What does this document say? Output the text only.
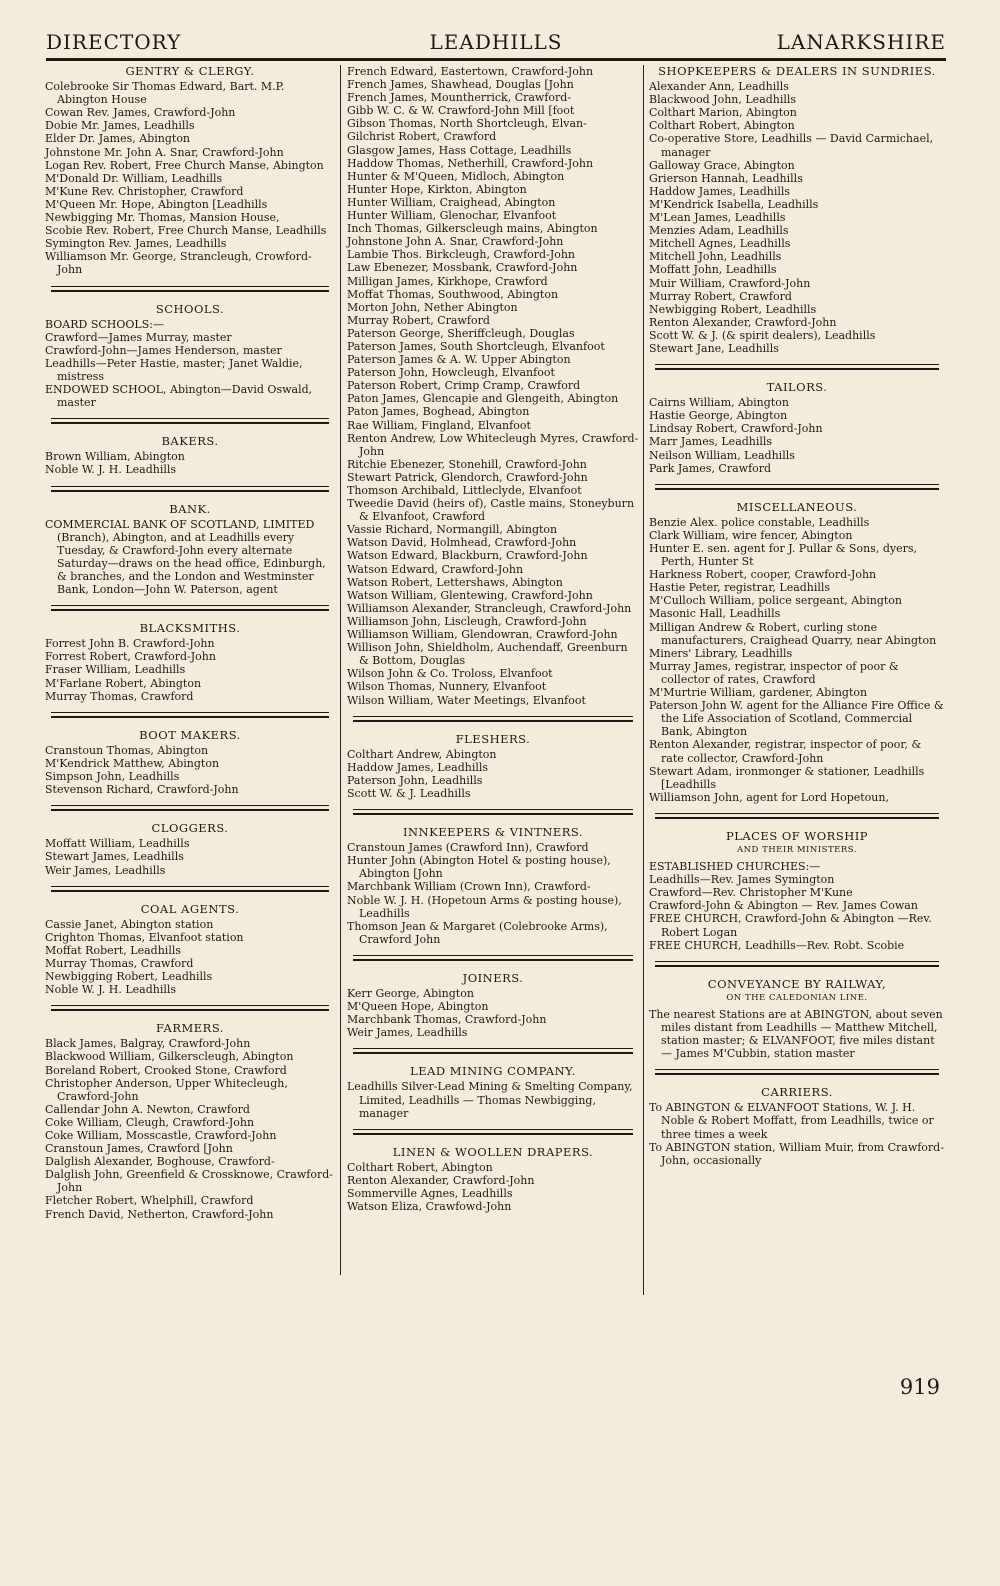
DIRECTORY	LEADHILLS	LANARKSHIRE
GENTRY & CLERGY.
Colebrooke Sir Thomas Edward, Bart. M.P. Abington House
Cowan Rev. James, Crawford-John
Dobie Mr. James, Leadhills
Elder Dr. James, Abington
Johnstone Mr. John A. Snar, Crawford-John
Logan Rev. Robert, Free Church Manse, Abington
M'Donald Dr. William, Leadhills
M'Kune Rev. Christopher, Crawford
M'Queen Mr. Hope, Abington [Leadhills
Newbigging Mr. Thomas, Mansion House,
Scobie Rev. Robert, Free Church Manse, Leadhills
Symington Rev. James, Leadhills
Williamson Mr. George, Strancleugh, Crowford-John
SCHOOLS.
BOARD SCHOOLS:—
Crawford—James Murray, master
Crawford-John—James Henderson, master
Leadhills—Peter Hastie, master; Janet Waldie, mistress
ENDOWED SCHOOL, Abington—David Oswald, master
BAKERS.
Brown William, Abington
Noble W. J. H. Leadhills
BANK.
COMMERCIAL BANK OF SCOTLAND, LIMITED (Branch), Abington, and at Leadhills every Tuesday, & Crawford-John every alternate Saturday—draws on the head office, Edinburgh, & branches, and the London and Westminster Bank, London—John W. Paterson, agent
BLACKSMITHS.
Forrest John B. Crawford-John
Forrest Robert, Crawford-John
Fraser William, Leadhills
M'Farlane Robert, Abington
Murray Thomas, Crawford
BOOT MAKERS.
Cranstoun Thomas, Abington
M'Kendrick Matthew, Abington
Simpson John, Leadhills
Stevenson Richard, Crawford-John
CLOGGERS.
Moffatt William, Leadhills
Stewart James, Leadhills
Weir James, Leadhills
COAL AGENTS.
Cassie Janet, Abington station
Crighton Thomas, Elvanfoot station
Moffat Robert, Leadhills
Murray Thomas, Crawford
Newbigging Robert, Leadhills
Noble W. J. H. Leadhills
FARMERS.
Black James, Balgray, Crawford-John
Blackwood William, Gilkerscleugh, Abington
Boreland Robert, Crooked Stone, Crawford
Christopher Anderson, Upper Whitecleugh, Crawford-John
Callendar John A. Newton, Crawford
Coke William, Cleugh, Crawford-John
Coke William, Mosscastle, Crawford-John
Cranstoun James, Crawford [John
Dalglish Alexander, Boghouse, Crawford-
Dalglish John, Greenfield & Crossknowe, Crawford-John
Fletcher Robert, Whelphill, Crawford
French David, Netherton, Crawford-John
French Edward, Eastertown, Crawford-John
French James, Shawhead, Douglas [John
French James, Mountherrick, Crawford-
Gibb W. C. & W. Crawford-John Mill [foot
Gibson Thomas, North Shortcleugh, Elvan-
Gilchrist Robert, Crawford
Glasgow James, Hass Cottage, Leadhills
Haddow Thomas, Netherhill, Crawford-John
Hunter & M'Queen, Midloch, Abington
Hunter Hope, Kirkton, Abington
Hunter William, Craighead, Abington
Hunter William, Glenochar, Elvanfoot
Inch Thomas, Gilkerscleugh mains, Abington
Johnstone John A. Snar, Crawford-John
Lambie Thos. Birkcleugh, Crawford-John
Law Ebenezer, Mossbank, Crawford-John
Milligan James, Kirkhope, Crawford
Moffat Thomas, Southwood, Abington
Morton John, Nether Abington
Murray Robert, Crawford
Paterson George, Sheriffcleugh, Douglas
Paterson James, South Shortcleugh, Elvanfoot
Paterson James & A. W. Upper Abington
Paterson John, Howcleugh, Elvanfoot
Paterson Robert, Crimp Cramp, Crawford
Paton James, Glencapie and Glengeith, Abington
Paton James, Boghead, Abington
Rae William, Fingland, Elvanfoot
Renton Andrew, Low Whitecleugh Myres, Crawford-John
Ritchie Ebenezer, Stonehill, Crawford-John
Stewart Patrick, Glendorch, Crawford-John
Thomson Archibald, Littleclyde, Elvanfoot
Tweedie David (heirs of), Castle mains, Stoneyburn & Elvanfoot, Crawford
Vassie Richard, Normangill, Abington
Watson David, Holmhead, Crawford-John
Watson Edward, Blackburn, Crawford-John
Watson Edward, Crawford-John
Watson Robert, Lettershaws, Abington
Watson William, Glentewing, Crawford-John
Williamson Alexander, Strancleugh, Crawford-John
Williamson John, Liscleugh, Crawford-John
Williamson William, Glendowran, Crawford-John
Willison John, Shieldholm, Auchendaff, Greenburn & Bottom, Douglas
Wilson John & Co. Troloss, Elvanfoot
Wilson Thomas, Nunnery, Elvanfoot
Wilson William, Water Meetings, Elvanfoot
FLESHERS.
Colthart Andrew, Abington
Haddow James, Leadhills
Paterson John, Leadhills
Scott W. & J. Leadhills
INNKEEPERS & VINTNERS.
Cranstoun James (Crawford Inn), Crawford
Hunter John (Abington Hotel & posting house), Abington [John
Marchbank William (Crown Inn), Crawford-
Noble W. J. H. (Hopetoun Arms & posting house), Leadhills
Thomson Jean & Margaret (Colebrooke Arms), Crawford John
JOINERS.
Kerr George, Abington
M'Queen Hope, Abington
Marchbank Thomas, Crawford-John
Weir James, Leadhills
LEAD MINING COMPANY.
Leadhills Silver-Lead Mining & Smelting Company, Limited, Leadhills — Thomas Newbigging, manager
LINEN & WOOLLEN DRAPERS.
Colthart Robert, Abington
Renton Alexander, Crawford-John
Sommerville Agnes, Leadhills
Watson Eliza, Crawfowd-John
SHOPKEEPERS & DEALERS IN SUNDRIES.
Alexander Ann, Leadhills
Blackwood John, Leadhills
Colthart Marion, Abington
Colthart Robert, Abington
Co-operative Store, Leadhills — David Carmichael, manager
Galloway Grace, Abington
Grierson Hannah, Leadhills
Haddow James, Leadhills
M'Kendrick Isabella, Leadhills
M'Lean James, Leadhills
Menzies Adam, Leadhills
Mitchell Agnes, Leadhills
Mitchell John, Leadhills
Moffatt John, Leadhills
Muir William, Crawford-John
Murray Robert, Crawford
Newbigging Robert, Leadhills
Renton Alexander, Crawford-John
Scott W. & J. (& spirit dealers), Leadhills
Stewart Jane, Leadhills
TAILORS.
Cairns William, Abington
Hastie George, Abington
Lindsay Robert, Crawford-John
Marr James, Leadhills
Neilson William, Leadhills
Park James, Crawford
MISCELLANEOUS.
Benzie Alex. police constable, Leadhills
Clark William, wire fencer, Abington
Hunter E. sen. agent for J. Pullar & Sons, dyers, Perth, Hunter St
Harkness Robert, cooper, Crawford-John
Hastie Peter, registrar, Leadhills
M'Culloch William, police sergeant, Abington
Masonic Hall, Leadhills
Milligan Andrew & Robert, curling stone manufacturers, Craighead Quarry, near Abington
Miners' Library, Leadhills
Murray James, registrar, inspector of poor & collector of rates, Crawford
M'Murtrie William, gardener, Abington
Paterson John W. agent for the Alliance Fire Office & the Life Association of Scotland, Commercial Bank, Abington
Renton Alexander, registrar, inspector of poor, & rate collector, Crawford-John
Stewart Adam, ironmonger & stationer, Leadhills [Leadhills
Williamson John, agent for Lord Hopetoun,
PLACES OF WORSHIP
AND THEIR MINISTERS.
ESTABLISHED CHURCHES:—
Leadhills—Rev. James Symington
Crawford—Rev. Christopher M'Kune
Crawford-John & Abington — Rev. James Cowan
FREE CHURCH, Crawford-John & Abington —Rev. Robert Logan
FREE CHURCH, Leadhills—Rev. Robt. Scobie
CONVEYANCE BY RAILWAY,
ON THE CALEDONIAN LINE.
The nearest Stations are at ABINGTON, about seven miles distant from Leadhills — Matthew Mitchell, station master; & ELVANFOOT, five miles distant — James M'Cubbin, station master
CARRIERS.
To ABINGTON & ELVANFOOT Stations, W. J. H. Noble & Robert Moffatt, from Leadhills, twice or three times a week
To ABINGTON station, William Muir, from Crawford-John, occasionally
919
